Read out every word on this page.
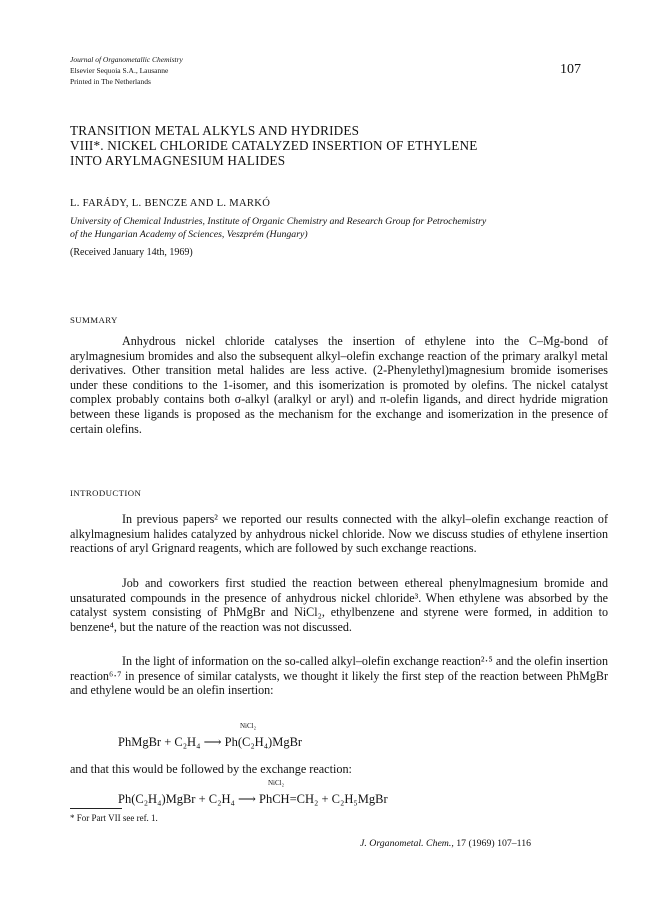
Journal of Organometallic Chemistry
Elsevier Sequoia S.A., Lausanne
Printed in The Netherlands
107
TRANSITION METAL ALKYLS AND HYDRIDES
VIII*. NICKEL CHLORIDE CATALYZED INSERTION OF ETHYLENE
INTO ARYLMAGNESIUM HALIDES
L. FARÁDY, L. BENCZE AND L. MARKÓ
University of Chemical Industries, Institute of Organic Chemistry and Research Group for Petrochemistry
of the Hungarian Academy of Sciences, Veszprém (Hungary)
(Received January 14th, 1969)
SUMMARY

Anhydrous nickel chloride catalyses the insertion of ethylene into the C–Mg-bond of arylmagnesium bromides and also the subsequent alkyl–olefin exchange reaction of the primary aralkyl metal derivatives. Other transition metal halides are less active. (2-Phenylethyl)magnesium bromide isomerises under these conditions to the 1-isomer, and this isomerization is promoted by olefins. The nickel catalyst complex probably contains both σ-alkyl (aralkyl or aryl) and π-olefin ligands, and direct hydride migration between these ligands is proposed as the mechanism for the exchange and isomerization in the presence of certain olefins.

INTRODUCTION

In previous papers² we reported our results connected with the alkyl–olefin exchange reaction of alkylmagnesium halides catalyzed by anhydrous nickel chloride. Now we discuss studies of ethylene insertion reactions of aryl Grignard reagents, which are followed by such exchange reactions.

Job and coworkers first studied the reaction between ethereal phenylmagnesium bromide and unsaturated compounds in the presence of anhydrous nickel chloride³. When ethylene was absorbed by the catalyst system consisting of PhMgBr and NiCl₂, ethylbenzene and styrene were formed, in addition to benzene⁴, but the nature of the reaction was not discussed.

In the light of information on the so-called alkyl–olefin exchange reaction²·⁵ and the olefin insertion reaction⁶·⁷ in presence of similar catalysts, we thought it likely the first step of the reaction between PhMgBr and ethylene would be an olefin insertion:

NiCl₂
PhMgBr + C₂H₄ ⟶ Ph(C₂H₄)MgBr
and that this would be followed by the exchange reaction:
NiCl₂
Ph(C₂H₄)MgBr + C₂H₄ ⟶ PhCH=CH₂ + C₂H₅MgBr
* For Part VII see ref. 1.
J. Organometal. Chem., 17 (1969) 107–116
